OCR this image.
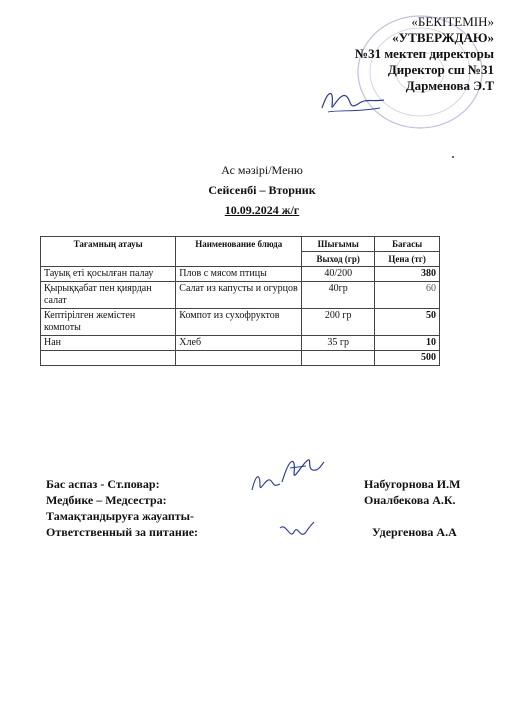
«БЕКІТЕМІН»
«УТВЕРЖДАЮ»
№31 мектеп директоры
Директор сш №31
Дарменова Э.Т
Ас мәзірі/Меню
Сейсенбі – Вторник
10.09.2024 ж/г
Тағамның атауы	Наименование блюда	Шығымы	Бағасы
		Выход (гр)	Цена (тг)
Тауық еті қосылған палау	Плов с мясом птицы	40/200	380
Қырыққабат пен қиярдан салат	Салат из капусты и огурцов	40гр	60
Кептірілген жемістен компоты	Компот из сухофруктов	200 гр	50
Нан	Хлеб	35 гр	10
			500
Бас аспаз - Ст.повар:	Набугорнова И.М
Медбике – Медсестра:	Оналбекова А.К.
Тамақтандыруға жауапты-
Ответственный за питание:	Удергенова А.А
